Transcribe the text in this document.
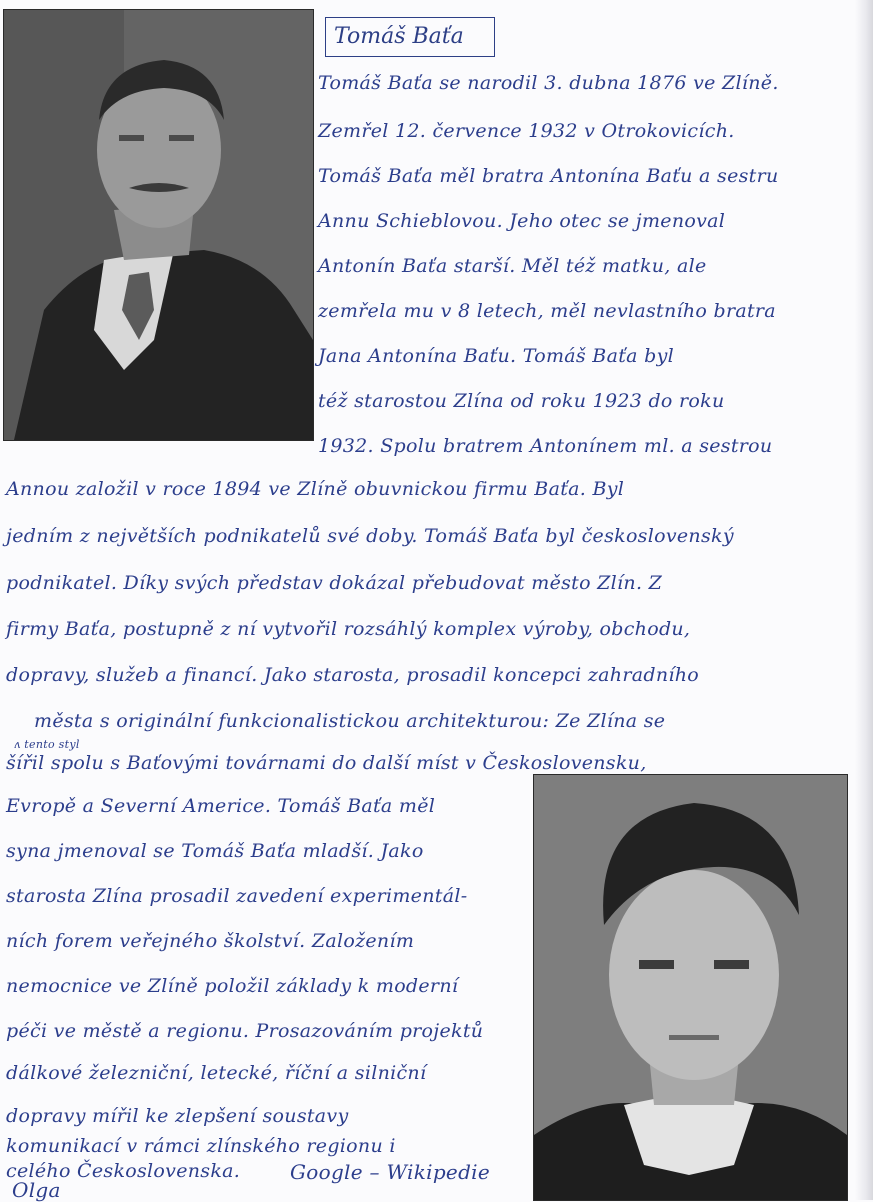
Tomáš Baťa
Tomáš Baťa se narodil 3. dubna 1876 ve Zlíně.
Zemřel 12. července 1932 v Otrokovicích.
Tomáš Baťa měl bratra Antonína Baťu a sestru
Annu Schieblovou. Jeho otec se jmenoval
Antonín Baťa starší. Měl též matku, ale
zemřela mu v 8 letech, měl nevlastního bratra
Jana Antonína Baťu. Tomáš Baťa byl
též starostou Zlína od roku 1923 do roku
1932. Spolu bratrem Antonínem ml. a sestrou
Annou založil v roce 1894 ve Zlíně obuvnickou firmu Baťa. Byl
jedním z největších podnikatelů své doby. Tomáš Baťa byl československý
podnikatel. Díky svých představ dokázal přebudovat město Zlín. Z
firmy Baťa, postupně z ní vytvořil rozsáhlý komplex výroby, obchodu,
dopravy, služeb a financí. Jako starosta, prosadil koncepci zahradního
města s originální funkcionalistickou architekturou: Ze Zlína se
ʌ tento styl
šířil spolu s Baťovými továrnami do další míst v Československu,
Evropě a Severní Americe. Tomáš Baťa měl
syna jmenoval se Tomáš Baťa mladší. Jako
starosta Zlína prosadil zavedení experimentál-
ních forem veřejného školství. Založením
nemocnice ve Zlíně položil základy k moderní
péči ve městě a regionu. Prosazováním projektů
dálkové železniční, letecké, říční a silniční
dopravy mířil ke zlepšení soustavy
komunikací v rámci zlínského regionu i
celého Československa. Google – Wikipedie
Olga
